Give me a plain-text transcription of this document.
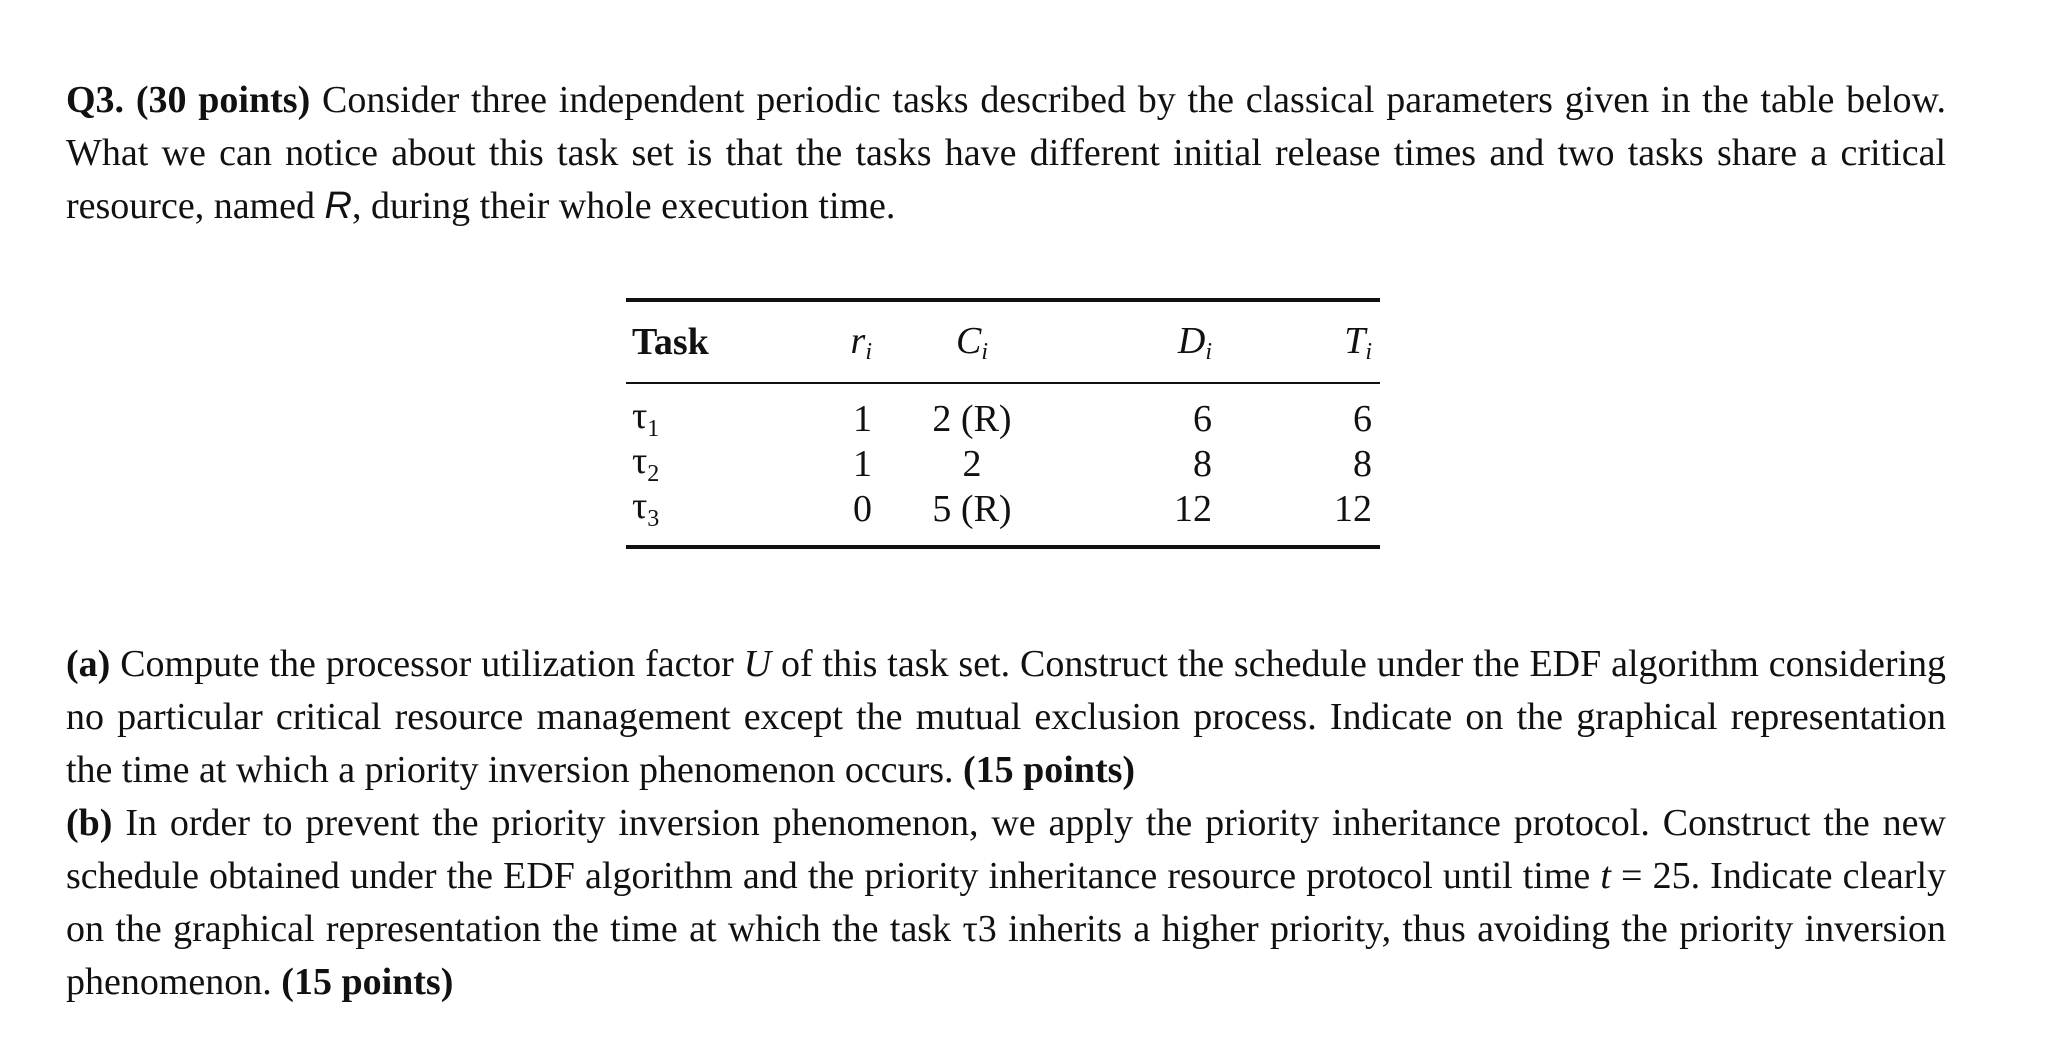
Q3. (30 points) Consider three independent periodic tasks described by the classical parameters given in the table below. What we can notice about this task set is that the tasks have different initial release times and two tasks share a critical resource, named R, during their whole execution time.
Task	$r_i$	$C_i$	$D_i$	$T_i$
$\tau_1$	1	2 (R)	6	6
$\tau_2$	1	2	8	8
$\tau_3$	0	5 (R)	12	12
(a) Compute the processor utilization factor U of this task set. Construct the schedule under the EDF algorithm considering no particular critical resource management except the mutual exclusion process. Indicate on the graphical representation the time at which a priority inversion phenomenon occurs. (15 points)
(b) In order to prevent the priority inversion phenomenon, we apply the priority inheritance protocol. Construct the new schedule obtained under the EDF algorithm and the priority inheritance resource protocol until time t = 25. Indicate clearly on the graphical representation the time at which the task τ3 inherits a higher priority, thus avoiding the priority inversion phenomenon. (15 points)
